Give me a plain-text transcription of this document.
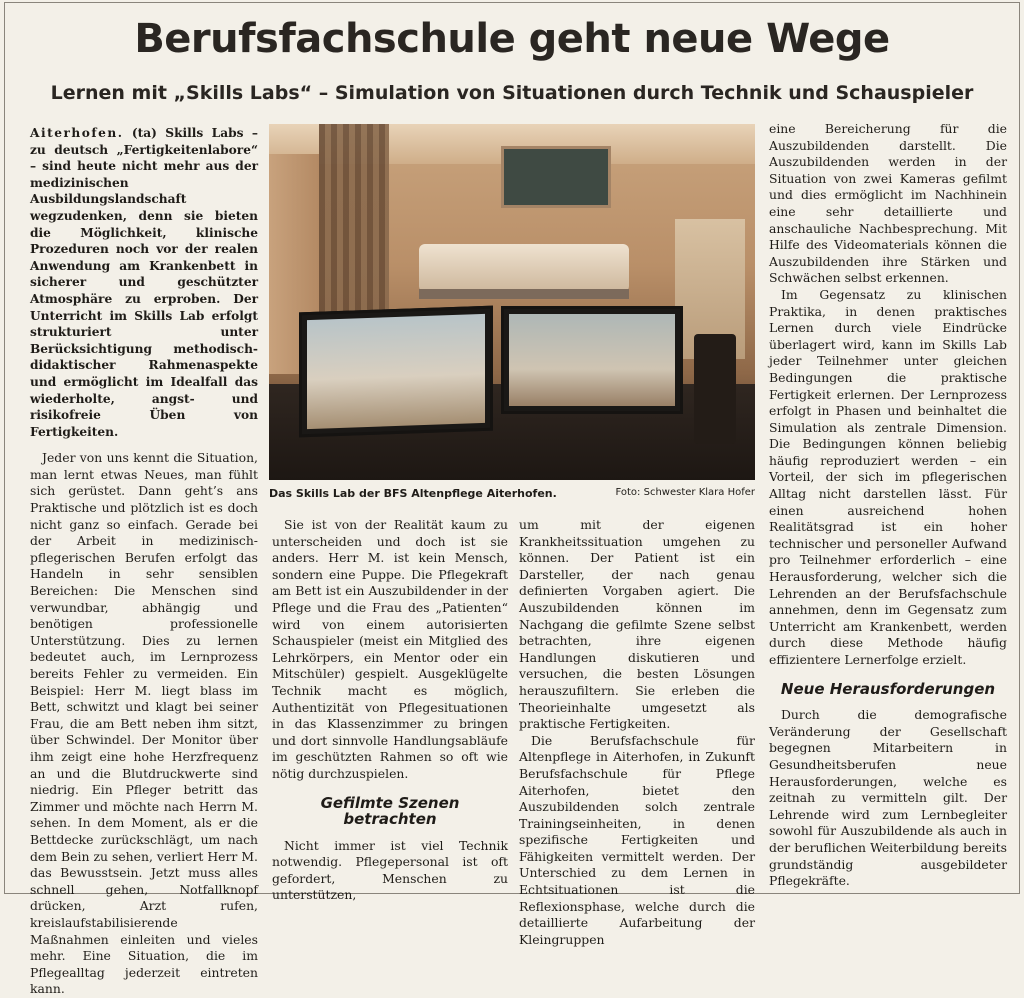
Berufsfachschule geht neue Wege
Lernen mit „Skills Labs“ – Simulation von Situationen durch Technik und Schauspieler

Aiterhofen. (ta) Skills Labs – zu deutsch „Fertigkeitenlabore“ – sind heute nicht mehr aus der medizinischen Ausbildungslandschaft wegzudenken, denn sie bieten die Möglichkeit, klinische Prozeduren noch vor der realen Anwendung am Krankenbett in sicherer und geschützter Atmosphäre zu erproben. Der Unterricht im Skills Lab erfolgt strukturiert unter Berücksichtigung methodisch-didaktischer Rahmenaspekte und ermöglicht im Idealfall das wiederholte, angst- und risikofreie Üben von Fertigkeiten.

Jeder von uns kennt die Situation, man lernt etwas Neues, man fühlt sich gerüstet. Dann geht’s ans Praktische und plötzlich ist es doch nicht ganz so einfach. Gerade bei der Arbeit in medizinisch-pflegerischen Berufen erfolgt das Handeln in sehr sensiblen Bereichen: Die Menschen sind verwundbar, abhängig und benötigen professionelle Unterstützung. Dies zu lernen bedeutet auch, im Lernprozess bereits Fehler zu vermeiden. Ein Beispiel: Herr M. liegt blass im Bett, schwitzt und klagt bei seiner Frau, die am Bett neben ihm sitzt, über Schwindel. Der Monitor über ihm zeigt eine hohe Herzfrequenz an und die Blutdruckwerte sind niedrig. Ein Pfleger betritt das Zimmer und möchte nach Herrn M. sehen. In dem Moment, als er die Bettdecke zurückschlägt, um nach dem Bein zu sehen, verliert Herr M. das Bewusstsein. Jetzt muss alles schnell gehen, Notfallknopf drücken, Arzt rufen, kreislaufstabilisierende Maßnahmen einleiten und vieles mehr. Eine Situation, die im Pflegealltag jederzeit eintreten kann.

Das Skills Lab der BFS Altenpflege Aiterhofen.	Foto: Schwester Klara Hofer

Sie ist von der Realität kaum zu unterscheiden und doch ist sie anders. Herr M. ist kein Mensch, sondern eine Puppe. Die Pflegekraft am Bett ist ein Auszubildender in der Pflege und die Frau des „Patienten“ wird von einem autorisierten Schauspieler (meist ein Mitglied des Lehrkörpers, ein Mentor oder ein Mitschüler) gespielt. Ausgeklügelte Technik macht es möglich, Authentizität von Pflegesituationen in das Klassenzimmer zu bringen und dort sinnvolle Handlungsabläufe im geschützten Rahmen so oft wie nötig durchzuspielen.

Gefilmte Szenen betrachten

Nicht immer ist viel Technik notwendig. Pflegepersonal ist oft gefordert, Menschen zu unterstützen,

um mit der eigenen Krankheitssituation umgehen zu können. Der Patient ist ein Darsteller, der nach genau definierten Vorgaben agiert. Die Auszubildenden können im Nachgang die gefilmte Szene selbst betrachten, ihre eigenen Handlungen diskutieren und versuchen, die besten Lösungen herauszufiltern. Sie erleben die Theorieinhalte umgesetzt als praktische Fertigkeiten.

Die Berufsfachschule für Altenpflege in Aiterhofen, in Zukunft Berufsfachschule für Pflege Aiterhofen, bietet den Auszubildenden solch zentrale Trainingseinheiten, in denen spezifische Fertigkeiten und Fähigkeiten vermittelt werden. Der Unterschied zu dem Lernen in Echtsituationen ist die Reflexionsphase, welche durch die detaillierte Aufarbeitung der Kleingruppen

eine Bereicherung für die Auszubildenden darstellt. Die Auszubildenden werden in der Situation von zwei Kameras gefilmt und dies ermöglicht im Nachhinein eine sehr detaillierte und anschauliche Nachbesprechung. Mit Hilfe des Videomaterials können die Auszubildenden ihre Stärken und Schwächen selbst erkennen.

Im Gegensatz zu klinischen Praktika, in denen praktisches Lernen durch viele Eindrücke überlagert wird, kann im Skills Lab jeder Teilnehmer unter gleichen Bedingungen die praktische Fertigkeit erlernen. Der Lernprozess erfolgt in Phasen und beinhaltet die Simulation als zentrale Dimension. Die Bedingungen können beliebig häufig reproduziert werden – ein Vorteil, der sich im pflegerischen Alltag nicht darstellen lässt. Für einen ausreichend hohen Realitätsgrad ist ein hoher technischer und personeller Aufwand pro Teilnehmer erforderlich – eine Herausforderung, welcher sich die Lehrenden an der Berufsfachschule annehmen, denn im Gegensatz zum Unterricht am Krankenbett, werden durch diese Methode häufig effizientere Lernerfolge erzielt.

Neue Herausforderungen

Durch die demografische Veränderung der Gesellschaft begegnen Mitarbeitern in Gesundheitsberufen neue Herausforderungen, welche es zeitnah zu vermitteln gilt. Der Lehrende wird zum Lernbegleiter sowohl für Auszubildende als auch in der beruflichen Weiterbildung bereits grundständig ausgebildeter Pflegekräfte.
